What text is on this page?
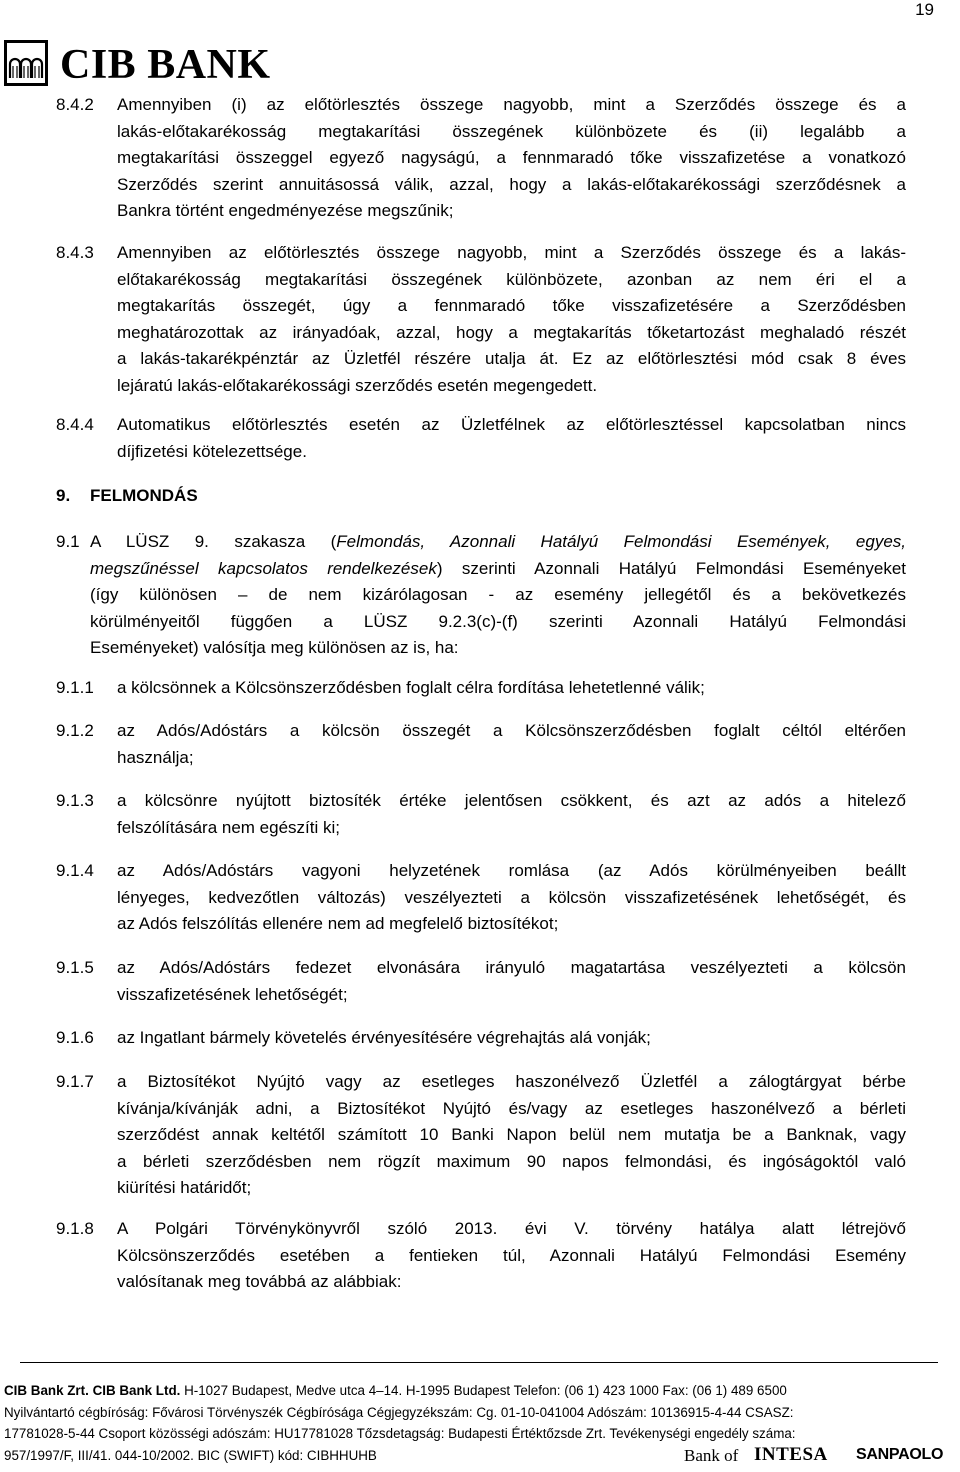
19
CIB BANK
8.4.2 Amennyiben (i) az előtörlesztés összege nagyobb, mint a Szerződés összege és a
lakás-előtakarékosság megtakarítási összegének különbözete és (ii) legalább a
megtakarítási összeggel egyező nagyságú, a fennmaradó tőke visszafizetése a vonatkozó
Szerződés szerint annuitásossá válik, azzal, hogy a lakás-előtakarékossági szerződésnek a
Bankra történt engedményezése megszűnik;
8.4.3 Amennyiben az előtörlesztés összege nagyobb, mint a Szerződés összege és a lakás-
előtakarékosság megtakarítási összegének különbözete, azonban az nem éri el a
megtakarítás összegét, úgy a fennmaradó tőke visszafizetésére a Szerződésben
meghatározottak az irányadóak, azzal, hogy a megtakarítás tőketartozást meghaladó részét
a lakás-takarékpénztár az Üzletfél részére utalja át. Ez az előtörlesztési mód csak 8 éves
lejáratú lakás-előtakarékossági szerződés esetén megengedett.
8.4.4 Automatikus előtörlesztés esetén az Üzletfélnek az előtörlesztéssel kapcsolatban nincs
díjfizetési kötelezettsége.
9. FELMONDÁS
9.1 A LÜSZ 9. szakasza (Felmondás, Azonnali Hatályú Felmondási Események, egyes,
megszűnéssel kapcsolatos rendelkezések) szerinti Azonnali Hatályú Felmondási Eseményeket
(így különösen – de nem kizárólagosan - az esemény jellegétől és a bekövetkezés
körülményeitől függően a LÜSZ 9.2.3(c)-(f) szerinti Azonnali Hatályú Felmondási
Eseményeket) valósítja meg különösen az is, ha:
9.1.1 a kölcsönnek a Kölcsönszerződésben foglalt célra fordítása lehetetlenné válik;
9.1.2 az Adós/Adóstárs a kölcsön összegét a Kölcsönszerződésben foglalt céltól eltérően
használja;
9.1.3 a kölcsönre nyújtott biztosíték értéke jelentősen csökkent, és azt az adós a hitelező
felszólítására nem egészíti ki;
9.1.4 az Adós/Adóstárs vagyoni helyzetének romlása (az Adós körülményeiben beállt
lényeges, kedvezőtlen változás) veszélyezteti a kölcsön visszafizetésének lehetőségét, és
az Adós felszólítás ellenére nem ad megfelelő biztosítékot;
9.1.5 az Adós/Adóstárs fedezet elvonására irányuló magatartása veszélyezteti a kölcsön
visszafizetésének lehetőségét;
9.1.6 az Ingatlant bármely követelés érvényesítésére végrehajtás alá vonják;
9.1.7 a Biztosítékot Nyújtó vagy az esetleges haszonélvező Üzletfél a zálogtárgyat bérbe
kívánja/kívánják adni, a Biztosítékot Nyújtó és/vagy az esetleges haszonélvező a bérleti
szerződést annak keltétől számított 10 Banki Napon belül nem mutatja be a Banknak, vagy
a bérleti szerződésben nem rögzít maximum 90 napos felmondási, és ingóságoktól való
kiürítési határidőt;
9.1.8 A Polgári Törvénykönyvről szóló 2013. évi V. törvény hatálya alatt létrejövő
Kölcsönszerződés esetében a fentieken túl, Azonnali Hatályú Felmondási Esemény
valósítanak meg továbbá az alábbiak:
CIB Bank Zrt. CIB Bank Ltd. H-1027 Budapest, Medve utca 4–14. H-1995 Budapest Telefon: (06 1) 423 1000 Fax: (06 1) 489 6500
Nyilvántartó cégbíróság: Fővárosi Törvényszék Cégbírósága Cégjegyzékszám: Cg. 01-10-041004 Adószám: 10136915-4-44 CSASZ:
17781028-5-44 Csoport közösségi adószám: HU17781028 Tőzsdetagság: Budapesti Értéktőzsde Zrt. Tevékenységi engedély száma:
957/1997/F, III/41. 044-10/2002. BIC (SWIFT) kód: CIBHHUHB	Bank of INTESA SANPAOLO
